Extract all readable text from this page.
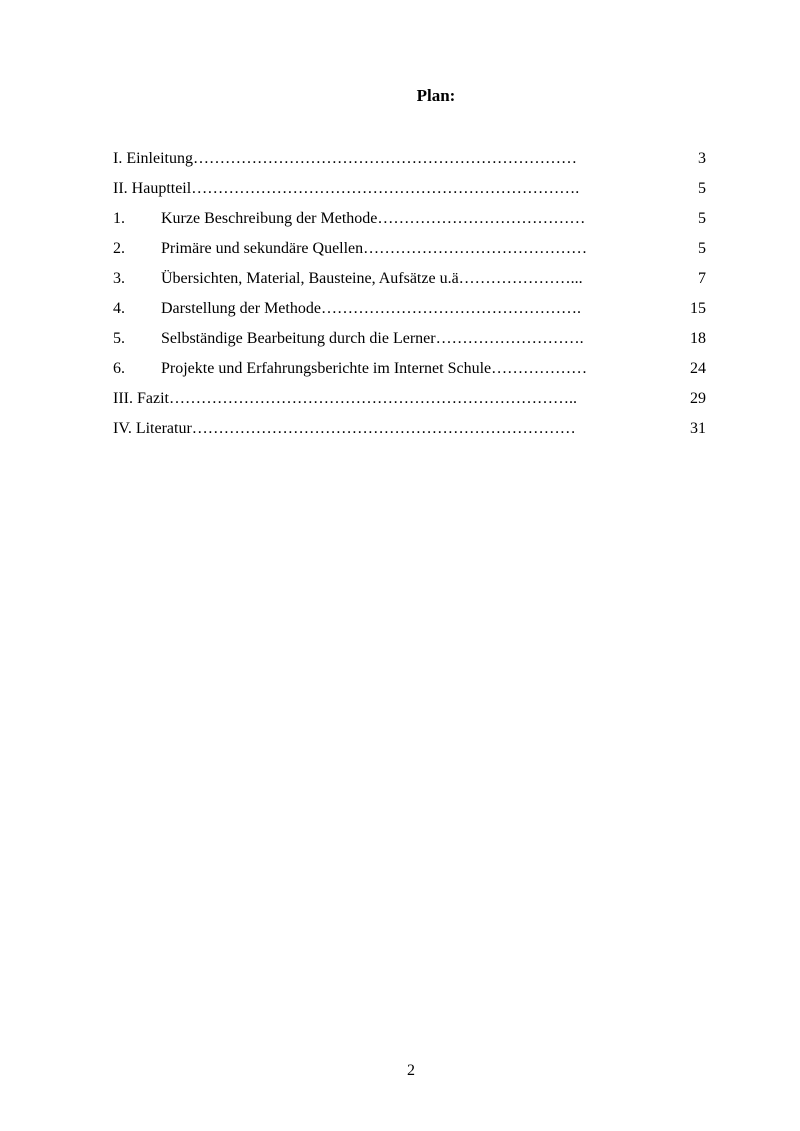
Plan:
I. Einleitung………………………………………………………………	3
II. Hauptteil……………………………………………………………….	5
1. Kurze Beschreibung der Methode…………………………………	5
2. Primäre und sekundäre Quellen……………………………………	5
3. Übersichten, Material, Bausteine, Aufsätze u.ä…………………...	7
4. Darstellung der Methode………………………………………….	15
5. Selbständige Bearbeitung durch die Lerner……………………….	18
6. Projekte und Erfahrungsberichte im Internet Schule………………	24
III. Fazit…………………………………………………………………..	29
IV. Literatur………………………………………………………………	31
2
